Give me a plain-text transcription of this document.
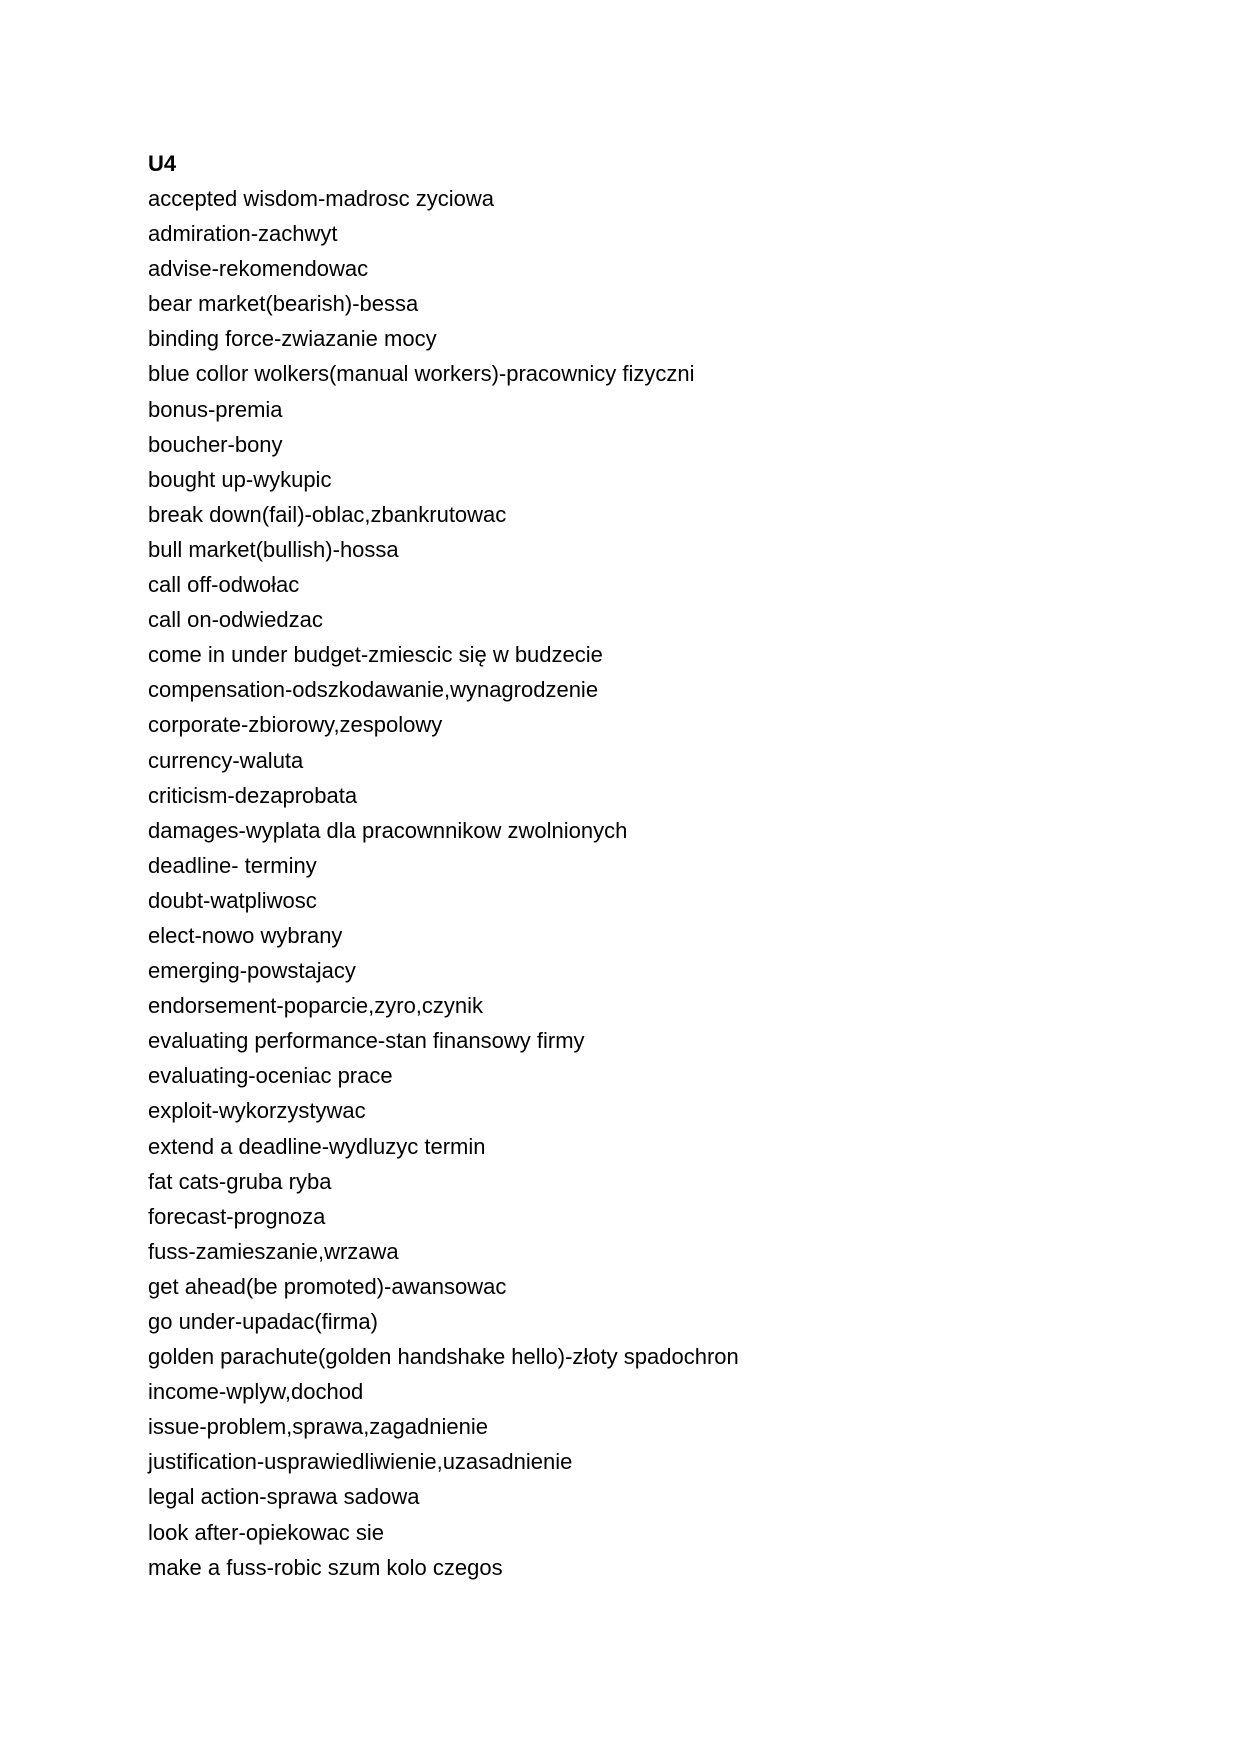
U4
accepted wisdom-madrosc zyciowa
admiration-zachwyt
advise-rekomendowac
bear market(bearish)-bessa
binding force-zwiazanie mocy
blue collor wolkers(manual workers)-pracownicy fizyczni
bonus-premia
boucher-bony
bought up-wykupic
break down(fail)-oblac,zbankrutowac
bull market(bullish)-hossa
call off-odwołac
call on-odwiedzac
come in under budget-zmiescic się w budzecie
compensation-odszkodawanie,wynagrodzenie
corporate-zbiorowy,zespolowy
currency-waluta
criticism-dezaprobata
damages-wyplata dla pracownnikow zwolnionych
deadline- terminy
doubt-watpliwosc
elect-nowo wybrany
emerging-powstajacy
endorsement-poparcie,zyro,czynik
evaluating performance-stan finansowy firmy
evaluating-oceniac prace
exploit-wykorzystywac
extend a deadline-wydluzyc termin
fat cats-gruba ryba
forecast-prognoza
fuss-zamieszanie,wrzawa
get ahead(be promoted)-awansowac
go under-upadac(firma)
golden parachute(golden handshake hello)-złoty spadochron
income-wplyw,dochod
issue-problem,sprawa,zagadnienie
justification-usprawiedliwienie,uzasadnienie
legal action-sprawa sadowa
look after-opiekowac sie
make a fuss-robic szum kolo czegos
